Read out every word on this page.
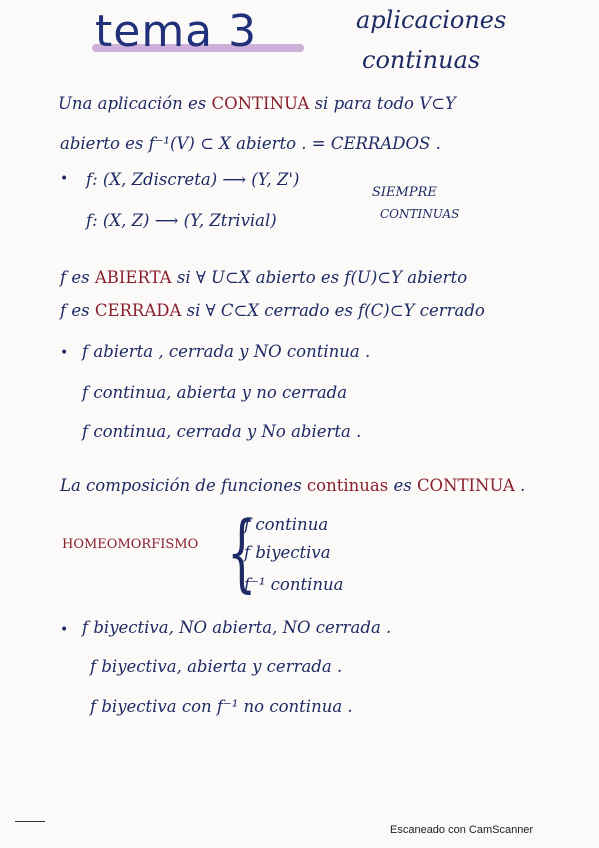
tema 3	aplicaciones
continuas
Una aplicación es CONTINUA si para todo V⊂Y
abierto es f⁻¹(V) ⊂ X abierto . = CERRADOS .
• f: (X, Zdiscreta) ⟶ (Y, Z')
f: (X, Z) ⟶ (Y, Ztrivial)
SIEMPRE
CONTINUAS
f es ABIERTA si ∀ U⊂X abierto es f(U)⊂Y abierto
f es CERRADA si ∀ C⊂X cerrado es f(C)⊂Y cerrado
• f abierta , cerrada y NO continua .
f continua, abierta y no cerrada
f continua, cerrada y No abierta .
La composición de funciones continuas es CONTINUA .
HOMEOMORFISMO {
f continua
f biyectiva
f⁻¹ continua
• f biyectiva, NO abierta, NO cerrada .
f biyectiva, abierta y cerrada .
f biyectiva con f⁻¹ no continua .
Escaneado con CamScanner
